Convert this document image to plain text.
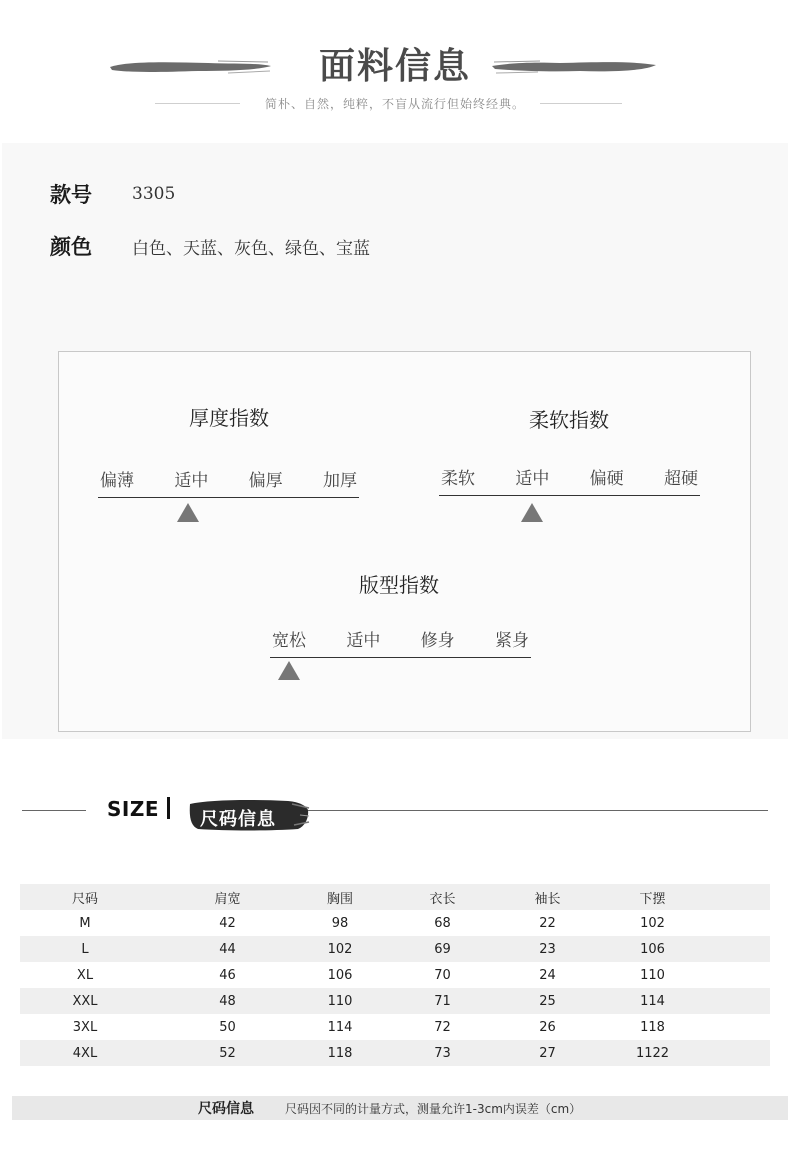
面料信息
简朴、自然，纯粹，不盲从流行但始终经典。
款号	3305
颜色	白色、天蓝、灰色、绿色、宝蓝
厚度指数
偏薄 适中 偏厚 加厚
柔软指数
柔软 适中 偏硬 超硬
版型指数
宽松 适中 修身 紧身
SIZE 尺码信息
尺码	肩宽	胸围	衣长	袖长	下摆
M	42	98	68	22	102
L	44	102	69	23	106
XL	46	106	70	24	110
XXL	48	110	71	25	114
3XL	50	114	72	26	118
4XL	52	118	73	27	1122
尺码信息	尺码因不同的计量方式，测量允许1-3cm内误差（cm）
